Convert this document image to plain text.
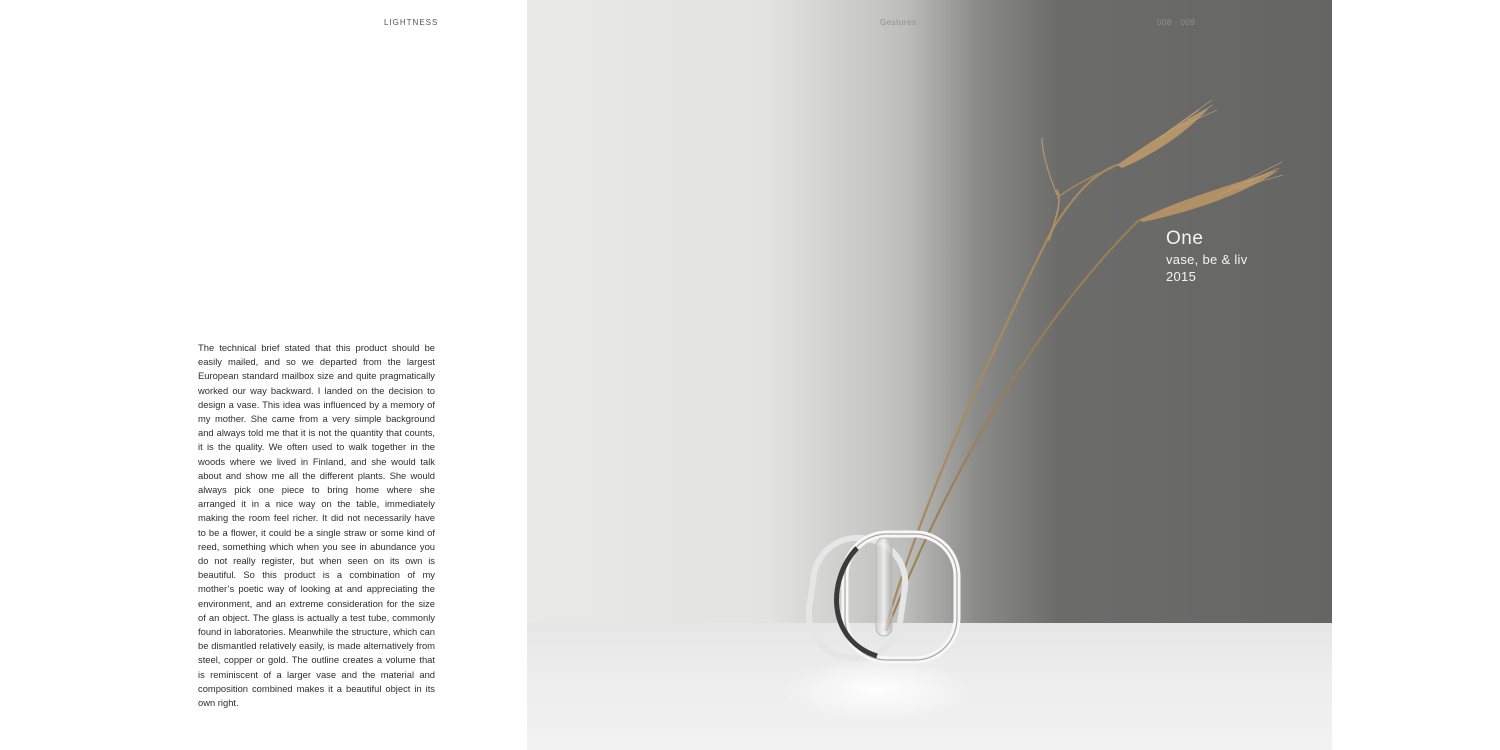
LIGHTNESS

The technical brief stated that this product should be easily mailed, and so we departed from the largest European standard mailbox size and quite pragmatically worked our way backward. I landed on the decision to design a vase. This idea was influenced by a memory of my mother. She came from a very simple background and always told me that it is not the quantity that counts, it is the quality. We often used to walk together in the woods where we lived in Finland, and she would talk about and show me all the different plants. She would always pick one piece to bring home where she arranged it in a nice way on the table, immediately making the room feel richer. It did not necessarily have to be a flower, it could be a single straw or some kind of reed, something which when you see in abundance you do not really register, but when seen on its own is beautiful. So this product is a combination of my mother’s poetic way of looking at and appreciating the environment, and an extreme consideration for the size of an object. The glass is actually a test tube, commonly found in laboratories. Meanwhile the structure, which can be dismantled relatively easily, is made alternatively from steel, copper or gold. The outline creates a volume that is reminiscent of a larger vase and the material and composition combined makes it a beautiful object in its own right.

Gestures	008 · 009
One
vase, be & liv
2015
